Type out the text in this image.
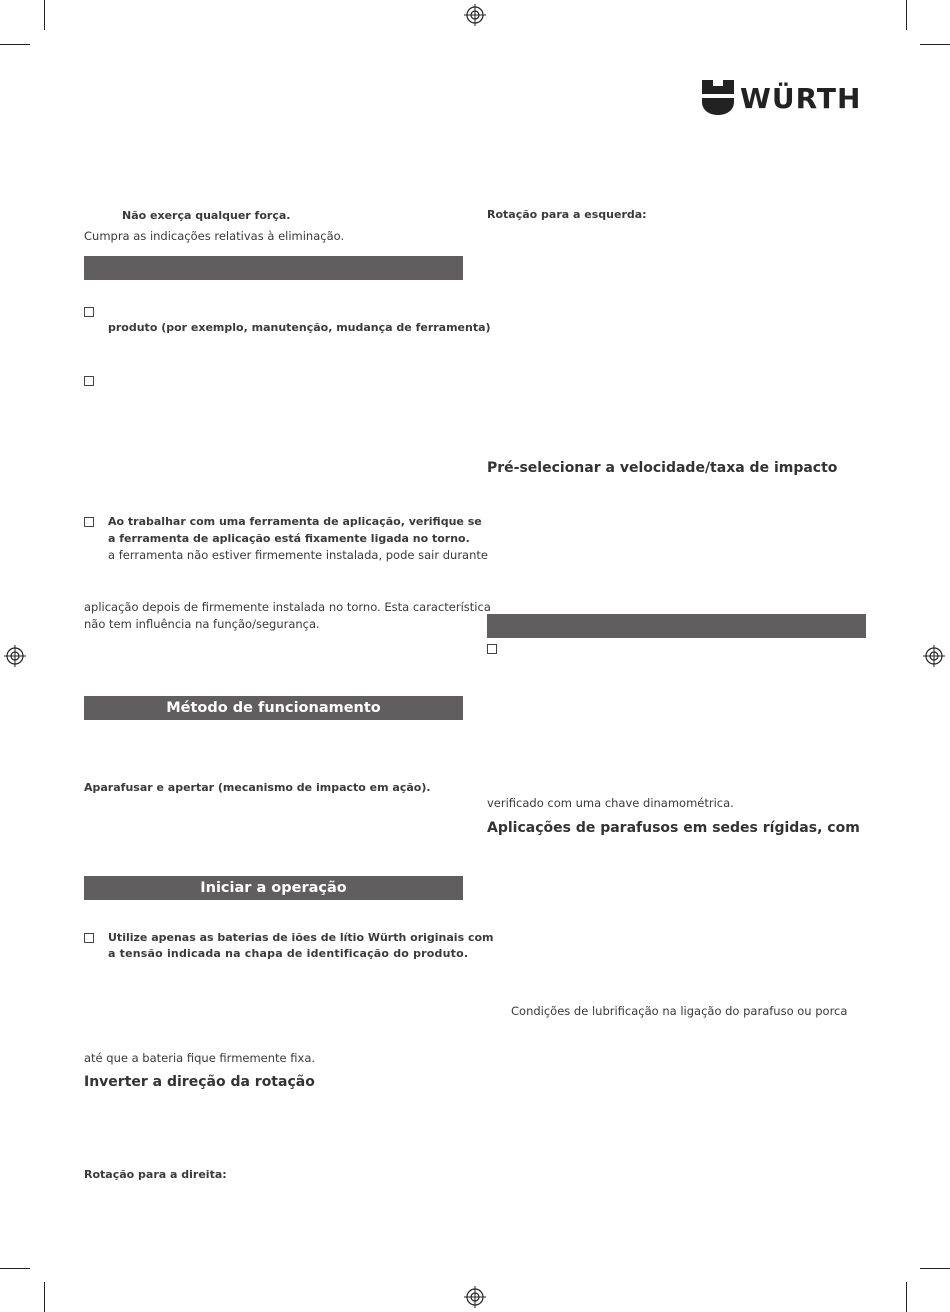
WÜRTH
Não exerça qualquer força.
Cumpra as indicações relativas à eliminação.
produto (por exemplo, manutenção, mudança de ferramenta)
Ao trabalhar com uma ferramenta de aplicação, verifique se
a ferramenta de aplicação está fixamente ligada no torno.
a ferramenta não estiver firmemente instalada, pode sair durante
aplicação depois de firmemente instalada no torno. Esta característica
não tem influência na função/segurança.
Método de funcionamento
Aparafusar e apertar (mecanismo de impacto em ação).
Iniciar a operação
Utilize apenas as baterias de iões de lítio Würth originais com
a tensão indicada na chapa de identificação do produto.
até que a bateria fique firmemente fixa.
Inverter a direção da rotação
Rotação para a direita:
Rotação para a esquerda:
Pré-selecionar a velocidade/taxa de impacto
verificado com uma chave dinamométrica.
Aplicações de parafusos em sedes rígidas, com
Condições de lubrificação na ligação do parafuso ou porca
